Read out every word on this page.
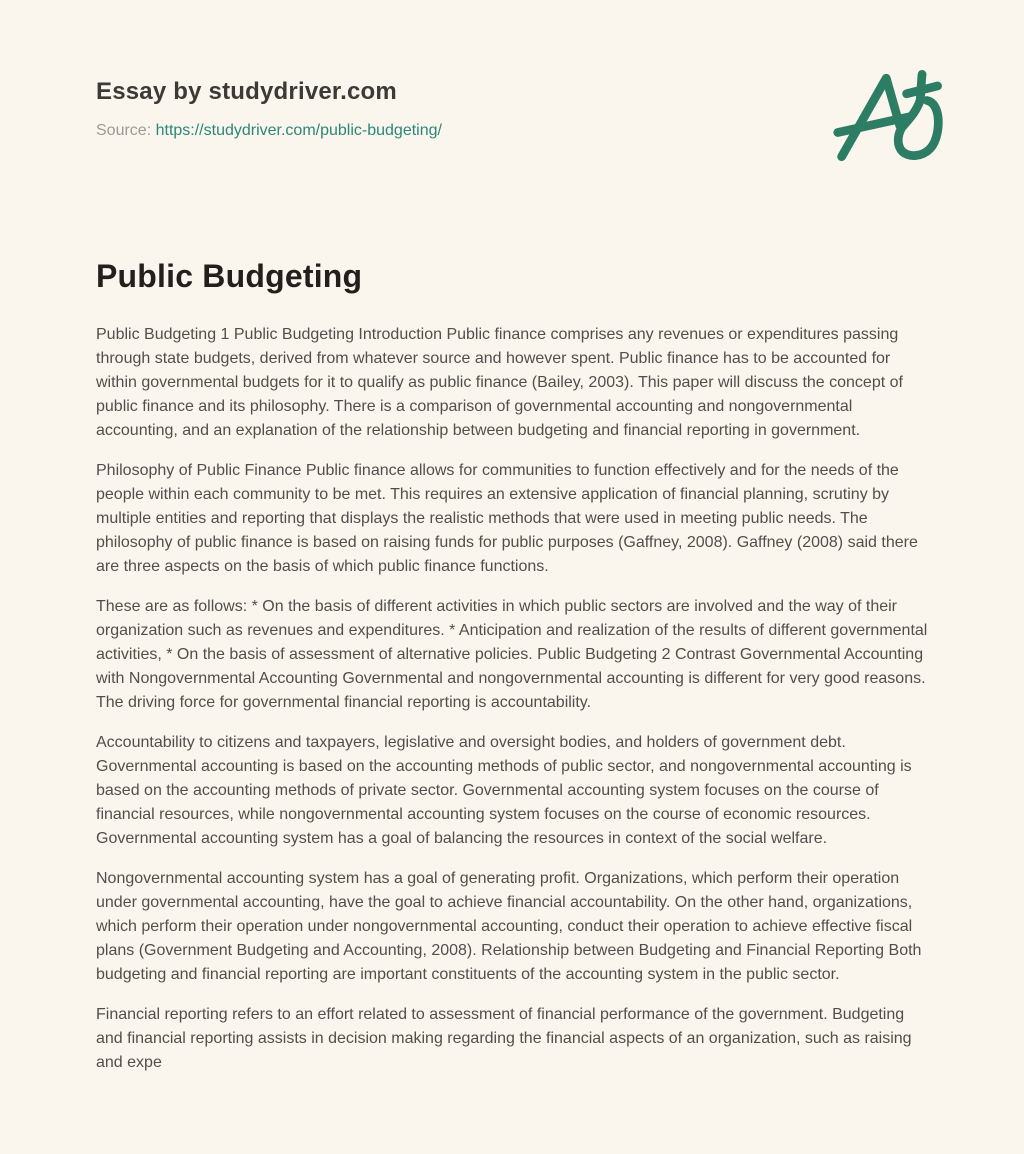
Essay by studydriver.com

Source: https://studydriver.com/public-budgeting/

Public Budgeting

Public Budgeting 1 Public Budgeting Introduction Public finance comprises any revenues or expenditures passing through state budgets, derived from whatever source and however spent. Public finance has to be accounted for within governmental budgets for it to qualify as public finance (Bailey, 2003). This paper will discuss the concept of public finance and its philosophy. There is a comparison of governmental accounting and nongovernmental accounting, and an explanation of the relationship between budgeting and financial reporting in government.

Philosophy of Public Finance Public finance allows for communities to function effectively and for the needs of the people within each community to be met. This requires an extensive application of financial planning, scrutiny by multiple entities and reporting that displays the realistic methods that were used in meeting public needs. The philosophy of public finance is based on raising funds for public purposes (Gaffney, 2008). Gaffney (2008) said there are three aspects on the basis of which public finance functions.

These are as follows: * On the basis of different activities in which public sectors are involved and the way of their organization such as revenues and expenditures. * Anticipation and realization of the results of different governmental activities, * On the basis of assessment of alternative policies. Public Budgeting 2 Contrast Governmental Accounting with Nongovernmental Accounting Governmental and nongovernmental accounting is different for very good reasons. The driving force for governmental financial reporting is accountability.

Accountability to citizens and taxpayers, legislative and oversight bodies, and holders of government debt. Governmental accounting is based on the accounting methods of public sector, and nongovernmental accounting is based on the accounting methods of private sector. Governmental accounting system focuses on the course of financial resources, while nongovernmental accounting system focuses on the course of economic resources. Governmental accounting system has a goal of balancing the resources in context of the social welfare.

Nongovernmental accounting system has a goal of generating profit. Organizations, which perform their operation under governmental accounting, have the goal to achieve financial accountability. On the other hand, organizations, which perform their operation under nongovernmental accounting, conduct their operation to achieve effective fiscal plans (Government Budgeting and Accounting, 2008). Relationship between Budgeting and Financial Reporting Both budgeting and financial reporting are important constituents of the accounting system in the public sector.

Financial reporting refers to an effort related to assessment of financial performance of the government. Budgeting and financial reporting assists in decision making regarding the financial aspects of an organization, such as raising and expe
